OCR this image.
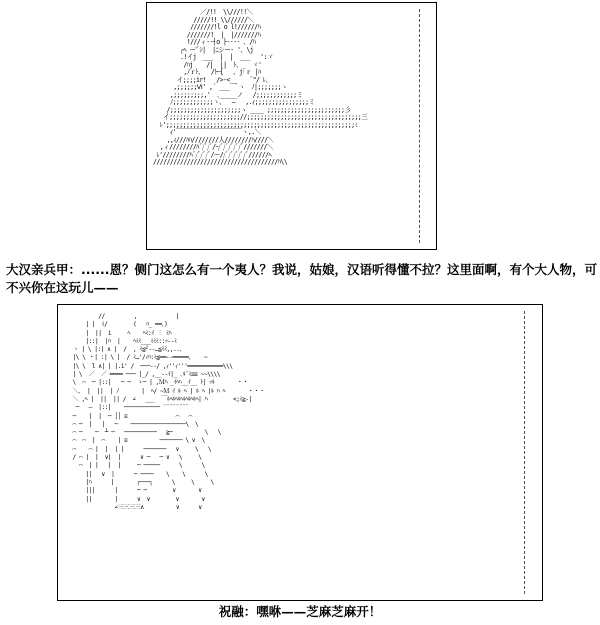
／/!!  \\///!!＼
/////!! \\//////＼
///////!l o l!//////ﾊ
///////!  |  |///////ﾊ
!///ィ-‐┤o ├‐--‐ 、/ﾊ
┌ﾍ ー'ﾞｼ|  |ﾆシー‐ '、\j
.!イj  ___  |  |  ___   ':ゞ
/ﾊj    /|  ||  ﾄ、   ゞ'
,ﾉｒﾄ、  /ﾄｰ{   、j｢ｒ |ﾊ
イ;;;;ir!   />-<__    ﾞ"/ ﾚ、
,;;;;;;Ⅵ' ,´ ___ ｀ヽ  ﾉ|;;;;;;;ヽ
,;;;;;;;;;,'  ､_____ノ   /;;;;;;;;;;;;ミ
ﾉ;;;;;;;;;;;;ゝ、  ―   ,.ｨ;;;;;;;;;;;;;;;;ミ
/;;;;;;;;;;;;;;;;;;;;;ヽ ____ ;;;;;;;;;;;;;;;;;;;;;;;彡
イ;;;;;;;;;;;;;;;;;;;;;//;;;;;;;;;;;;;;;;;;;;;;;;;;;;;;;;;;三
ﾚ';;;;;;;;;;;;;;;;;;;;;;;;;;;;;;;;;;;;;;;;;;;;;;;;;;;;;;;;ﾐ
ｨ'￣￣￣￣￣￣￣￣￣￣￣ヽ,.＼
,,ｨ///ﾊﾊ////////人////////ﾊ////＼
,ィ////////ﾊﾞ/ﾞ/ﾞ/ｰ/ﾞ/ﾞ/ﾞ/ﾞ/ﾞ///////＼
ﾚ'////////ﾊﾞ/ﾞ/ﾞ/ﾞ/ー//ﾞ/ﾞ/ﾞ/ﾞ/ﾞ//////ﾍ
/////////////////////////////////////ﾊ\\

大汉亲兵甲：......恩？侧门这怎么有一个夷人？我说，姑娘，汉语听得懂不拉？这里面啊，有个大人物，可不兴你在这玩儿——

//         ,            |
| |  ﾐ/        (   ﾊ_ ━━、)
|  ||  i     ﾍ    ﾍﾐ:ｲ ︙ ﾐﾊ
|::|  |ﾊ  |    ﾍﾐﾐ___ﾐﾐﾐ::ｯ‐‐ﾐ
ヽ | \ |:| ∧ |  /  , ﾐ≦┘‐‐…≦ﾐﾐ,,..、
|\ \ ・| :| \ |  / ﾐ…'/ｨﾊ:ﾐ≦━━‐‐━━━━━、   ~
|\ \  l ∧| | |.i' /  ───‐‐/ ,ｨ''ｨ'''━━━━━━━━━━━\\\
| \  ／  ／ ━━━━ ─── |_/ ,__‐‐ｲ|_ ､ﾙ¨ﾐ≡≡ ~~\\\\
\  ⌒  ─ |::|   ─ ─  ゝ─ | ,Ｍﾊ _ｲﾍﾊ__ｲ__ ﾄ| ｯﾙ       ・・
＼、 |  ||  | ﾉ       |  ﾍ/ ~Ｍ ｲ ﾙ ﾍ | ﾙ ﾍ |ﾙ ﾊ ﾍ       ・・・
＼ ,ﾍ |  ||  || /  ∠   ___  ￣ﾙﾍﾙﾍﾙﾍﾙﾍﾙﾍﾙﾍ| ﾊ        <;ﾐ≧-|
─   ―  |::|    ─────────── ¨¨¨¨¨¨¨¨
─    |  |  ─ ││ ≡               ⌒   ⌒
⌒ ─  |   |   ─    ─────────────────\  \
⌒ ─    ─  ┴ ─   ──────────   ≧─          \   \
⌒  ⌒  |  ⌒    | ≡          ─────── \ ∨  \
⌒    ⌒ |  |  | |      ───────   ∨     \   \
/ ⌒ |  |  ∨|  |      ∨ ─   ─ ∨   \     \
⌒  | |   |  |     ─ ─────      \      \
||   ∨  |      ─ ────    \    \      \
|ﾊ      |       ┌───┐      \     \     \
|||      |      ─ ─        ∨       ∨
||       |      ∨  ∨        ∨       ∨
∠三三三三∧          ∨      ∨

祝融：嘿咻——芝麻芝麻开！
